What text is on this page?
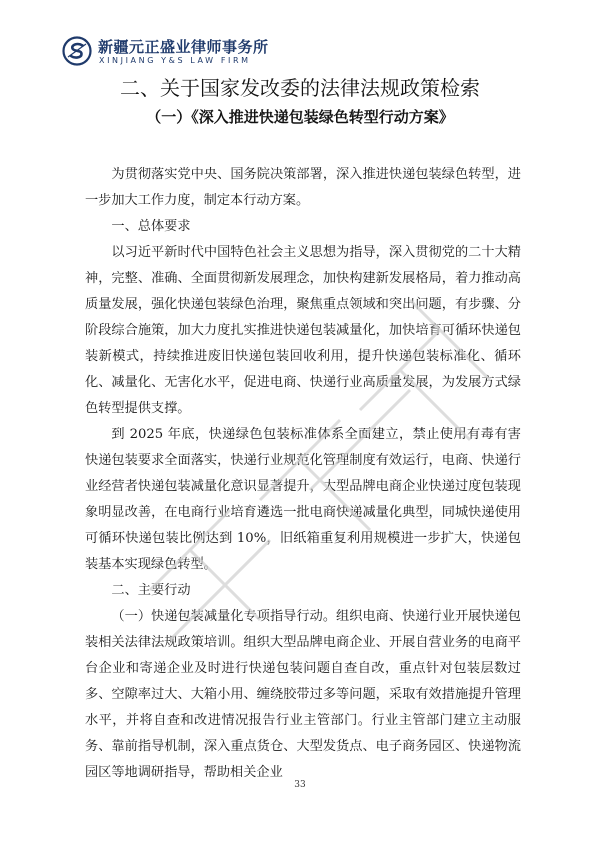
新疆元正盛业律师事务所
XINJIANG Y&S LAW FIRM
二、关于国家发改委的法律法规政策检索
（一）《深入推进快递包装绿色转型行动方案》

为贯彻落实党中央、国务院决策部署，深入推进快递包装绿色转型，进一步加大工作力度，制定本行动方案。

一、总体要求

以习近平新时代中国特色社会主义思想为指导，深入贯彻党的二十大精神，完整、准确、全面贯彻新发展理念，加快构建新发展格局，着力推动高质量发展，强化快递包装绿色治理，聚焦重点领域和突出问题，有步骤、分阶段综合施策，加大力度扎实推进快递包装减量化，加快培育可循环快递包装新模式，持续推进废旧快递包装回收利用，提升快递包装标准化、循环化、减量化、无害化水平，促进电商、快递行业高质量发展，为发展方式绿色转型提供支撑。

到 2025 年底，快递绿色包装标准体系全面建立，禁止使用有毒有害快递包装要求全面落实，快递行业规范化管理制度有效运行，电商、快递行业经营者快递包装减量化意识显著提升，大型品牌电商企业快递过度包装现象明显改善，在电商行业培育遴选一批电商快递减量化典型，同城快递使用可循环快递包装比例达到 10%，旧纸箱重复利用规模进一步扩大，快递包装基本实现绿色转型。

二、主要行动

（一）快递包装减量化专项指导行动。组织电商、快递行业开展快递包装相关法律法规政策培训。组织大型品牌电商企业、开展自营业务的电商平台企业和寄递企业及时进行快递包装问题自查自改，重点针对包装层数过多、空隙率过大、大箱小用、缠绕胶带过多等问题，采取有效措施提升管理水平，并将自查和改进情况报告行业主管部门。行业主管部门建立主动服务、靠前指导机制，深入重点货仓、大型发货点、电子商务园区、快递物流园区等地调研指导，帮助相关企业

33
